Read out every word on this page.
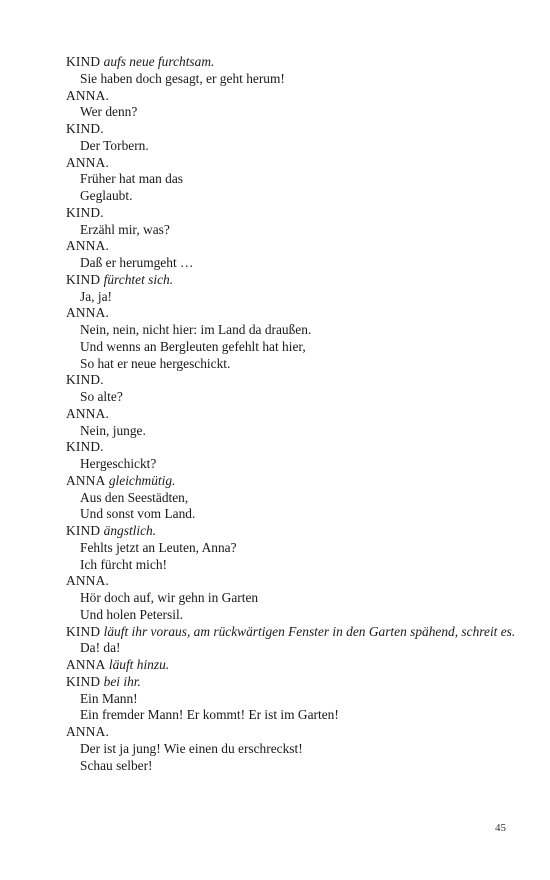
KIND aufs neue furchtsam.
Sie haben doch gesagt, er geht herum!
ANNA.
Wer denn?
KIND.
Der Torbern.
ANNA.
Früher hat man das
Geglaubt.
KIND.
Erzähl mir, was?
ANNA.
Daß er herumgeht …
KIND fürchtet sich.
Ja, ja!
ANNA.
Nein, nein, nicht hier: im Land da draußen.
Und wenns an Bergleuten gefehlt hat hier,
So hat er neue hergeschickt.
KIND.
So alte?
ANNA.
Nein, junge.
KIND.
Hergeschickt?
ANNA gleichmütig.
Aus den Seestädten,
Und sonst vom Land.
KIND ängstlich.
Fehlts jetzt an Leuten, Anna?
Ich fürcht mich!
ANNA.
Hör doch auf, wir gehn in Garten
Und holen Petersil.
KIND läuft ihr voraus, am rückwärtigen Fenster in den Garten spähend, schreit es.
Da! da!
ANNA läuft hinzu.
KIND bei ihr.
Ein Mann!
Ein fremder Mann! Er kommt! Er ist im Garten!
ANNA.
Der ist ja jung! Wie einen du erschreckst!
Schau selber!
45
